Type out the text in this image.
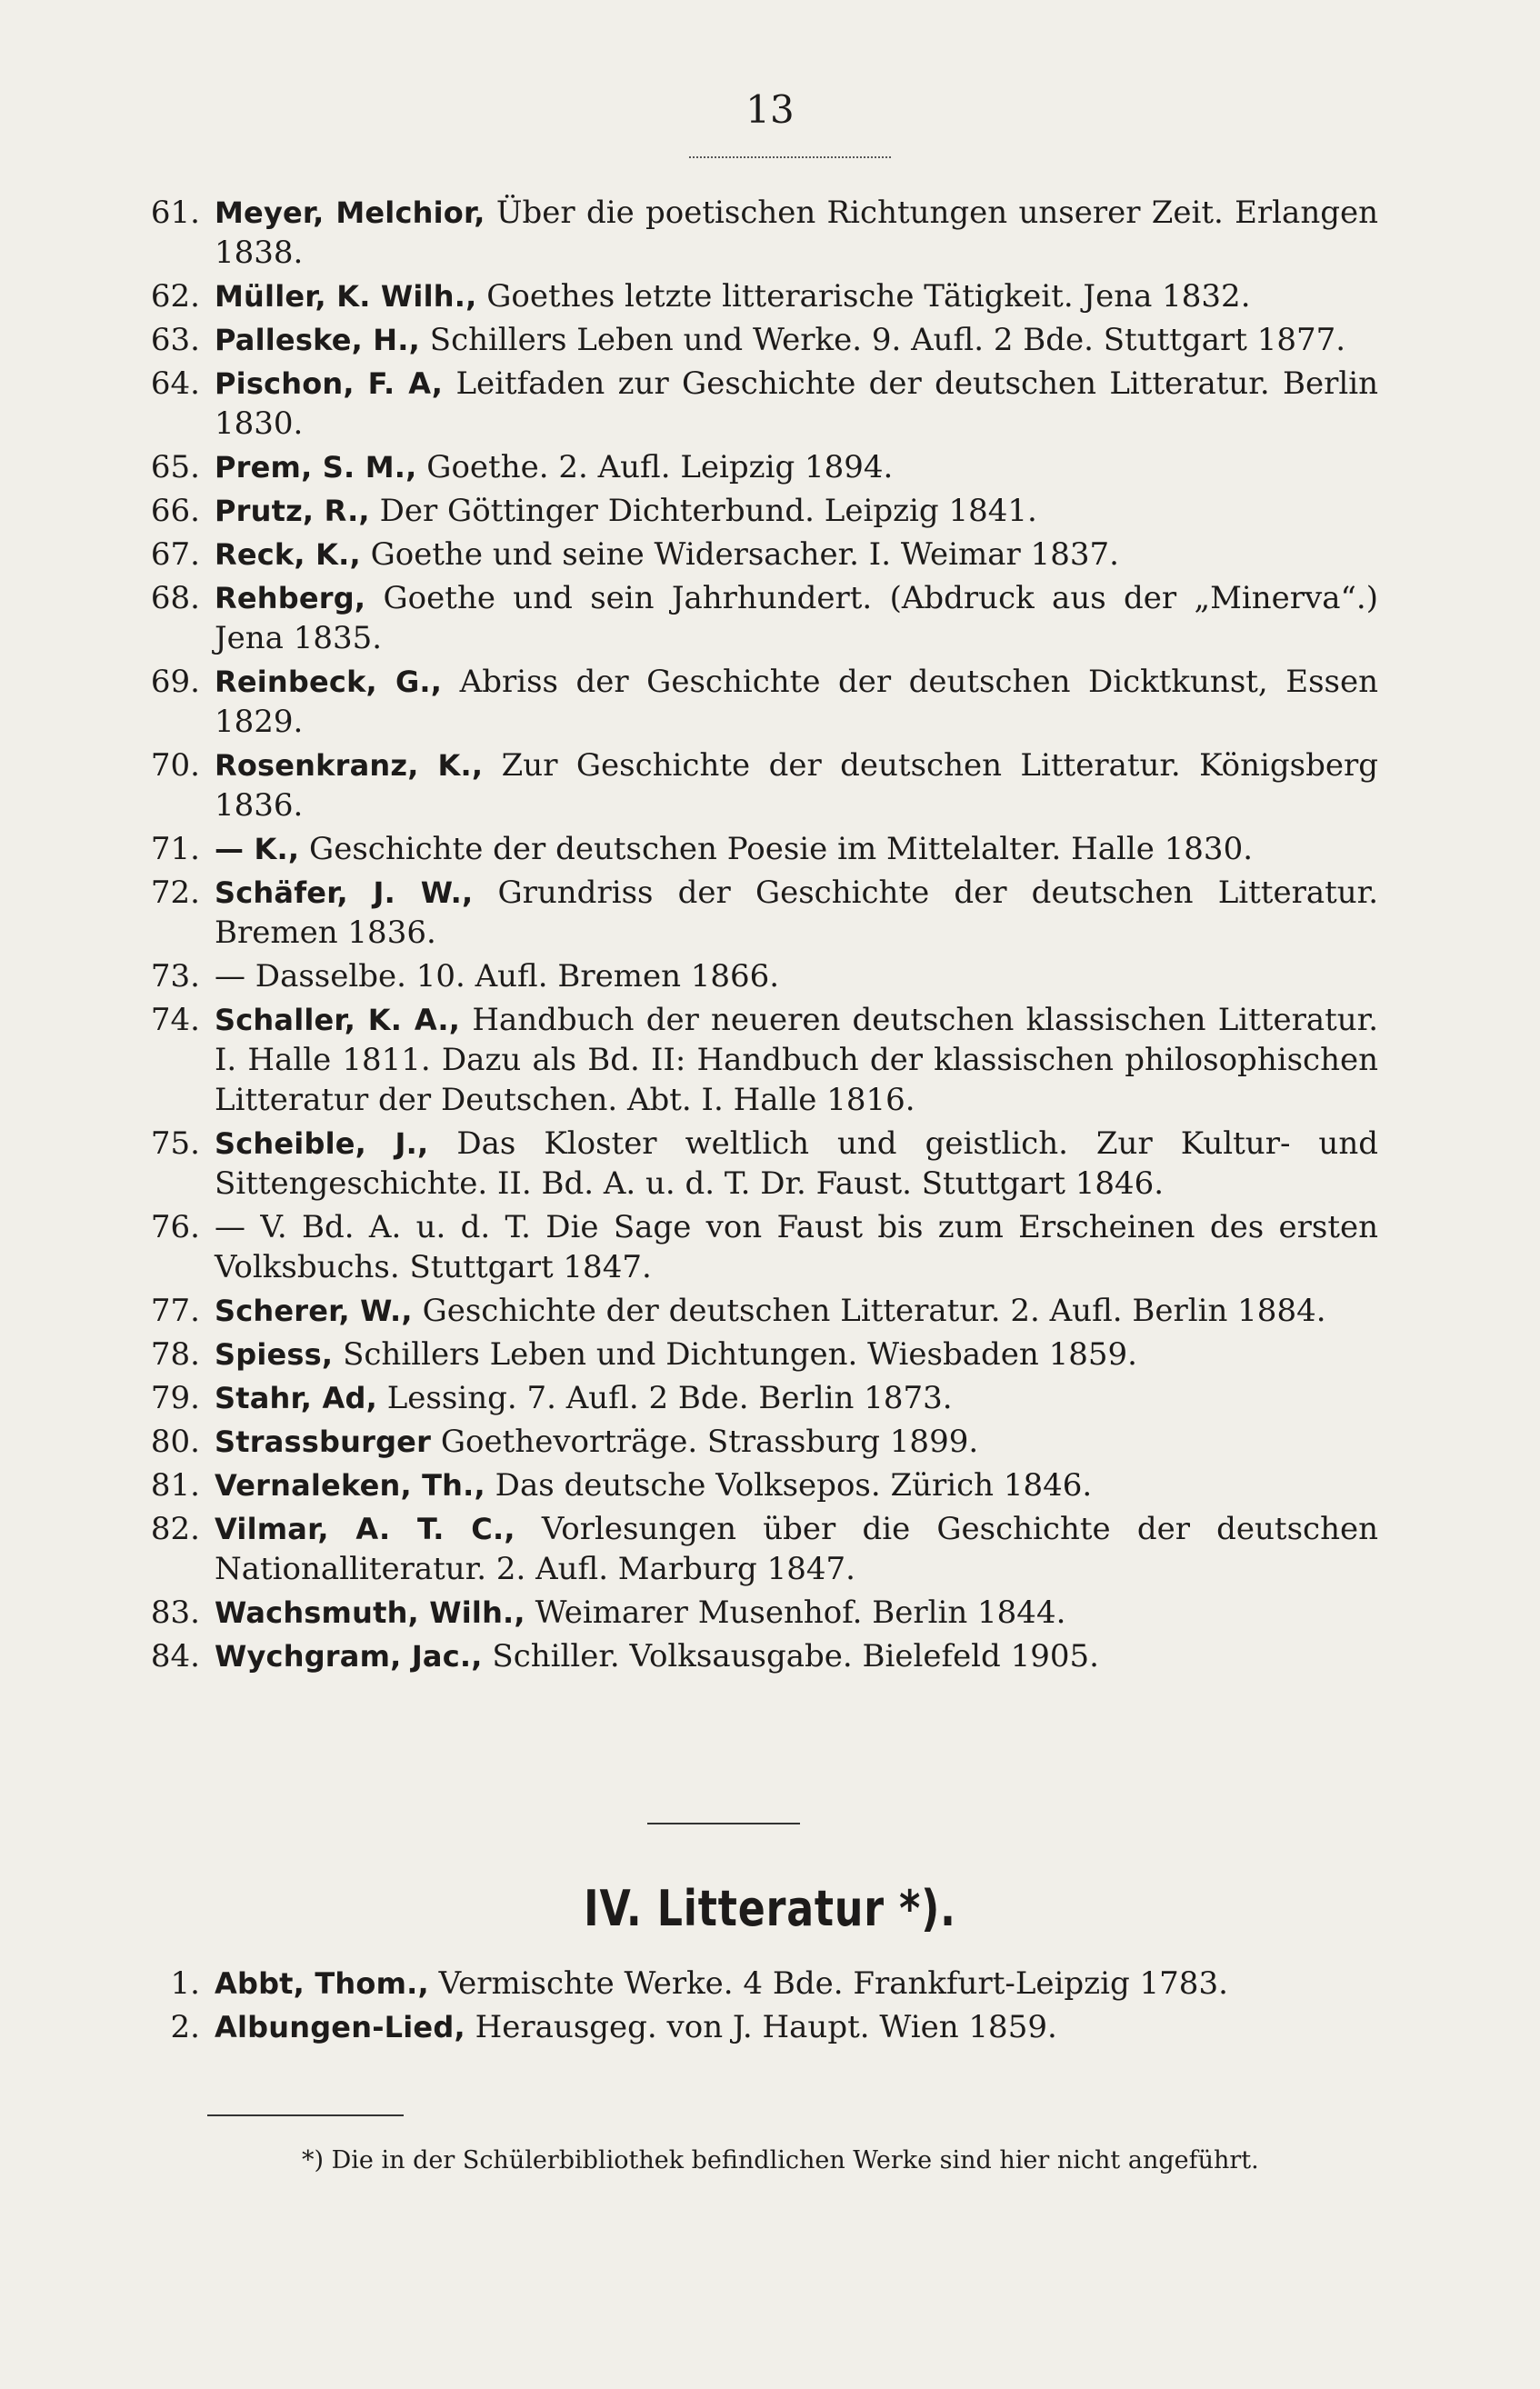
13
61. Meyer, Melchior, Über die poetischen Richtungen unserer Zeit. Erlangen 1838.
62. Müller, K. Wilh., Goethes letzte litterarische Tätigkeit. Jena 1832.
63. Palleske, H., Schillers Leben und Werke. 9. Aufl. 2 Bde. Stuttgart 1877.
64. Pischon, F. A, Leitfaden zur Geschichte der deutschen Litteratur. Berlin 1830.
65. Prem, S. M., Goethe. 2. Aufl. Leipzig 1894.
66. Prutz, R., Der Göttinger Dichterbund. Leipzig 1841.
67. Reck, K., Goethe und seine Widersacher. I. Weimar 1837.
68. Rehberg, Goethe und sein Jahrhundert. (Abdruck aus der „Minerva“.) Jena 1835.
69. Reinbeck, G., Abriss der Geschichte der deutschen Dicktkunst, Essen 1829.
70. Rosenkranz, K., Zur Geschichte der deutschen Litteratur. Königsberg 1836.
71. — K., Geschichte der deutschen Poesie im Mittelalter. Halle 1830.
72. Schäfer, J. W., Grundriss der Geschichte der deutschen Litteratur. Bremen 1836.
73. — Dasselbe. 10. Aufl. Bremen 1866.
74. Schaller, K. A., Handbuch der neueren deutschen klassischen Litteratur. I. Halle 1811. Dazu als Bd. II: Handbuch der klassischen philosophischen Litteratur der Deutschen. Abt. I. Halle 1816.
75. Scheible, J., Das Kloster weltlich und geistlich. Zur Kultur- und Sittengeschichte. II. Bd. A. u. d. T. Dr. Faust. Stuttgart 1846.
76. — V. Bd. A. u. d. T. Die Sage von Faust bis zum Erscheinen des ersten Volksbuchs. Stuttgart 1847.
77. Scherer, W., Geschichte der deutschen Litteratur. 2. Aufl. Berlin 1884.
78. Spiess, Schillers Leben und Dichtungen. Wiesbaden 1859.
79. Stahr, Ad, Lessing. 7. Aufl. 2 Bde. Berlin 1873.
80. Strassburger Goethevorträge. Strassburg 1899.
81. Vernaleken, Th., Das deutsche Volksepos. Zürich 1846.
82. Vilmar, A. T. C., Vorlesungen über die Geschichte der deutschen Nationalliteratur. 2. Aufl. Marburg 1847.
83. Wachsmuth, Wilh., Weimarer Musenhof. Berlin 1844.
84. Wychgram, Jac., Schiller. Volksausgabe. Bielefeld 1905.
IV. Litteratur *).
1. Abbt, Thom., Vermischte Werke. 4 Bde. Frankfurt-Leipzig 1783.
2. Albungen-Lied, Herausgeg. von J. Haupt. Wien 1859.
*) Die in der Schülerbibliothek befindlichen Werke sind hier nicht angeführt.
